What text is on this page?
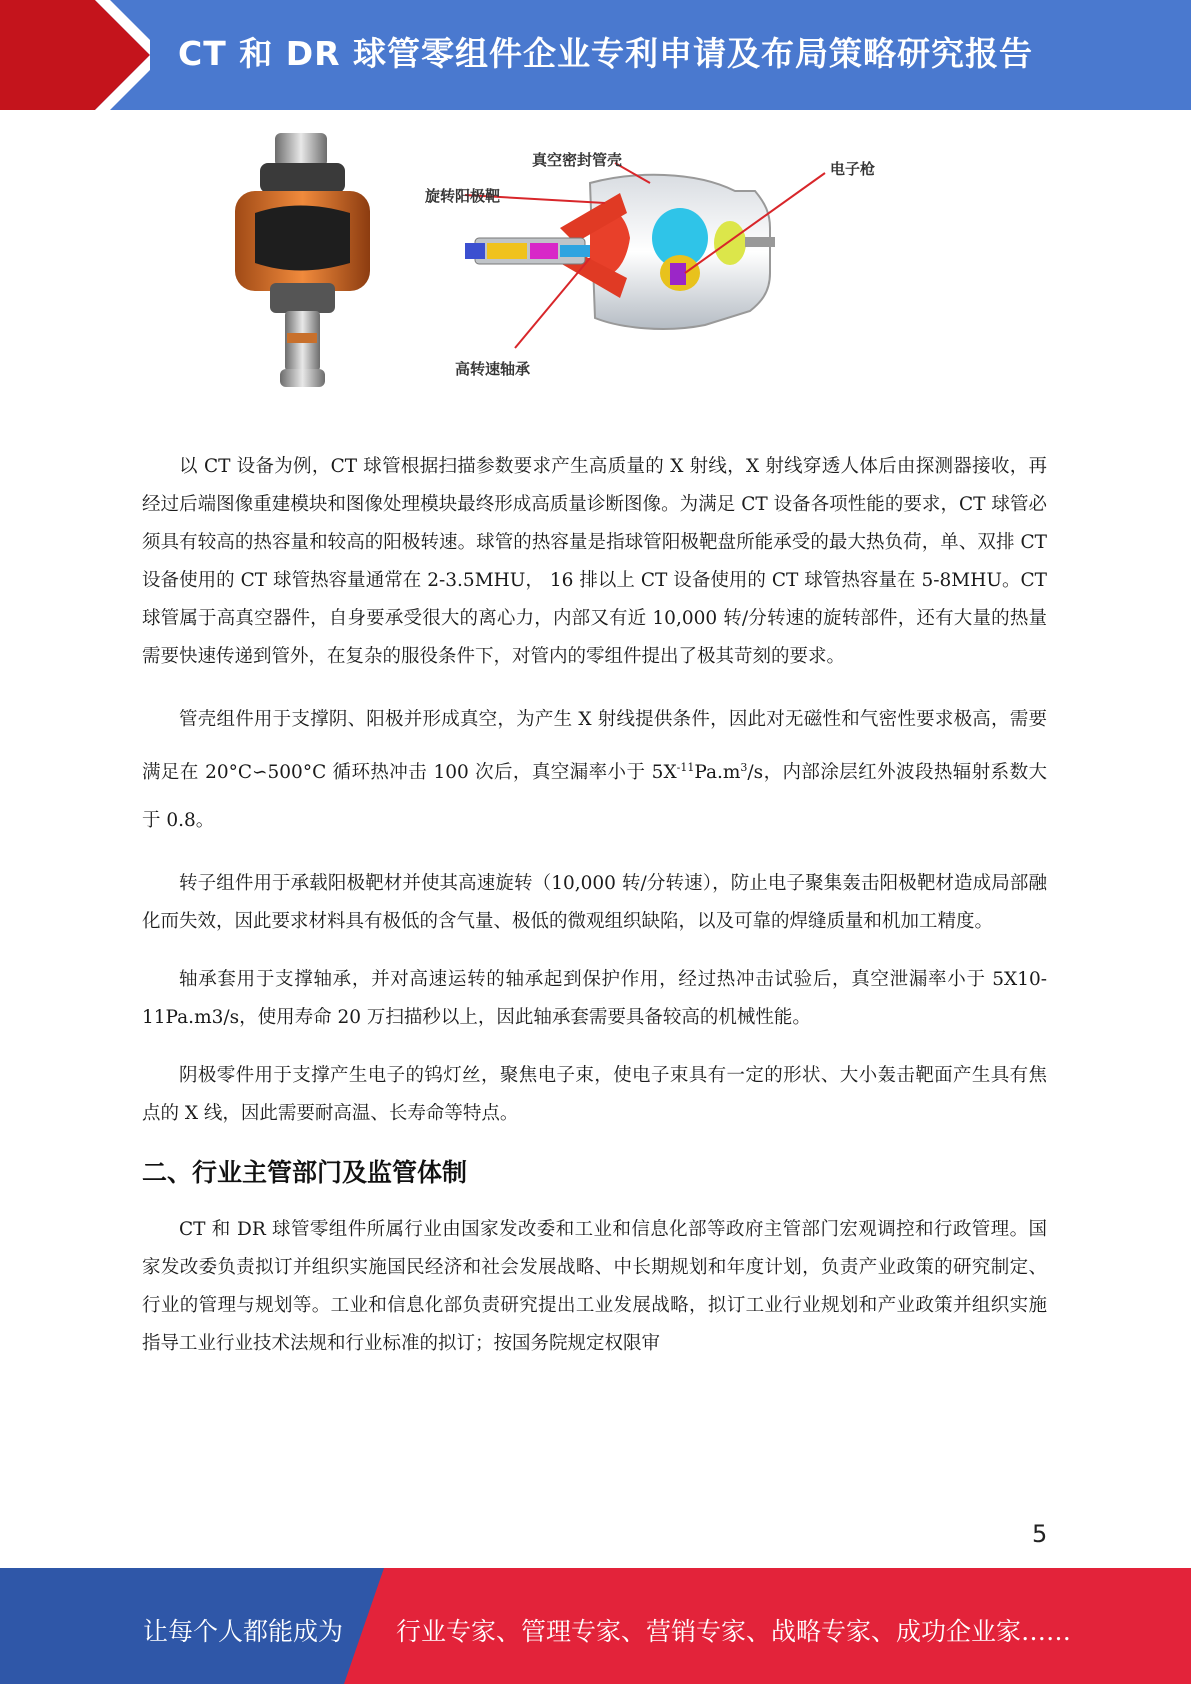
CT 和 DR 球管零组件企业专利申请及布局策略研究报告
真空密封管壳	电子枪
旋转阳极靶
高转速轴承

以 CT 设备为例，CT 球管根据扫描参数要求产生高质量的 X 射线，X 射线穿透人体后由探测器接收，再经过后端图像重建模块和图像处理模块最终形成高质量诊断图像。为满足 CT 设备各项性能的要求，CT 球管必须具有较高的热容量和较高的阳极转速。球管的热容量是指球管阳极靶盘所能承受的最大热负荷，单、双排 CT 设备使用的 CT 球管热容量通常在 2-3.5MHU， 16 排以上 CT 设备使用的 CT 球管热容量在 5-8MHU。CT 球管属于高真空器件，自身要承受很大的离心力，内部又有近 10,000 转/分转速的旋转部件，还有大量的热量需要快速传递到管外，在复杂的服役条件下，对管内的零组件提出了极其苛刻的要求。

管壳组件用于支撑阴、阳极并形成真空，为产生 X 射线提供条件，因此对无磁性和气密性要求极高，需要满足在 20°C∽500°C 循环热冲击 100 次后，真空漏率小于 $5X^{-11}Pa.m^3/s$，内部涂层红外波段热辐射系数大于 0.8。

转子组件用于承载阳极靶材并使其高速旋转（10,000 转/分转速），防止电子聚集轰击阳极靶材造成局部融化而失效，因此要求材料具有极低的含气量、极低的微观组织缺陷，以及可靠的焊缝质量和机加工精度。

轴承套用于支撑轴承，并对高速运转的轴承起到保护作用，经过热冲击试验后，真空泄漏率小于 5X10-11Pa.m3/s，使用寿命 20 万扫描秒以上，因此轴承套需要具备较高的机械性能。

阴极零件用于支撑产生电子的钨灯丝，聚焦电子束，使电子束具有一定的形状、大小轰击靶面产生具有焦点的 X 线，因此需要耐高温、长寿命等特点。

二、行业主管部门及监管体制

CT 和 DR 球管零组件所属行业由国家发改委和工业和信息化部等政府主管部门宏观调控和行政管理。国家发改委负责拟订并组织实施国民经济和社会发展战略、中长期规划和年度计划，负责产业政策的研究制定、行业的管理与规划等。工业和信息化部负责研究提出工业发展战略，拟订工业行业规划和产业政策并组织实施指导工业行业技术法规和行业标准的拟订；按国务院规定权限审

5
让每个人都能成为 行业专家、管理专家、营销专家、战略专家、成功企业家……
